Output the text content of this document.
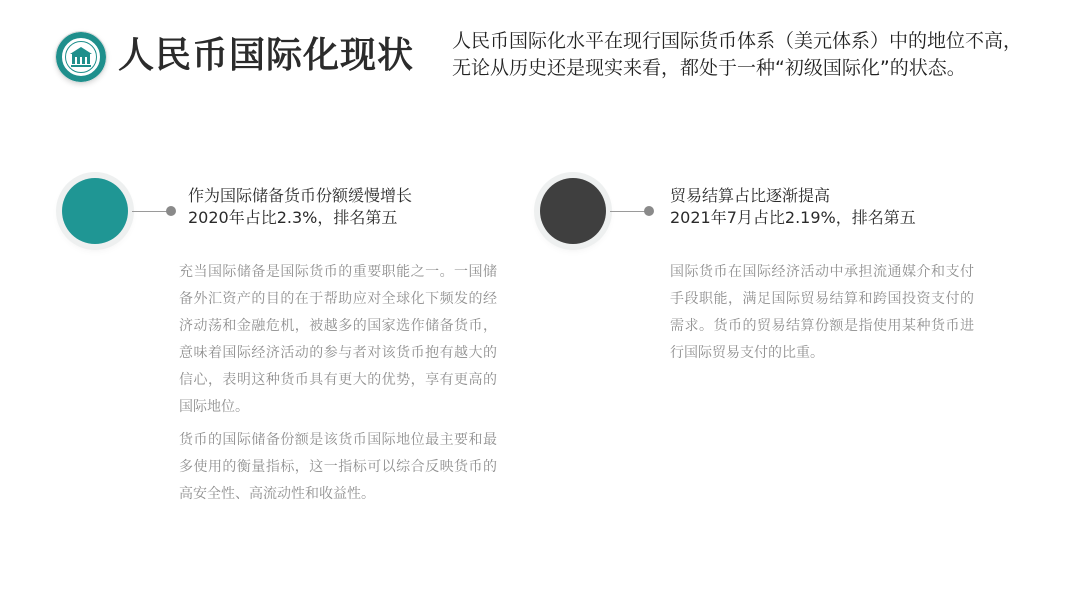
人民币国际化现状 人民币国际化水平在现行国际货币体系（美元体系）中的地位不高，

无论从历史还是现实来看，都处于一种“初级国际化”的状态。

作为国际储备货币份额缓慢增长
2020年占比2.3%，排名第五

充当国际储备是国际货币的重要职能之一。一国储备外汇资产的目的在于帮助应对全球化下频发的经济动荡和金融危机，被越多的国家选作储备货币，意味着国际经济活动的参与者对该货币抱有越大的信心，表明这种货币具有更大的优势，享有更高的国际地位。

货币的国际储备份额是该货币国际地位最主要和最多使用的衡量指标，这一指标可以综合反映货币的高安全性、高流动性和收益性。

贸易结算占比逐渐提高
2021年7月占比2.19%，排名第五

国际货币在国际经济活动中承担流通媒介和支付手段职能，满足国际贸易结算和跨国投资支付的需求。货币的贸易结算份额是指使用某种货币进行国际贸易支付的比重。
